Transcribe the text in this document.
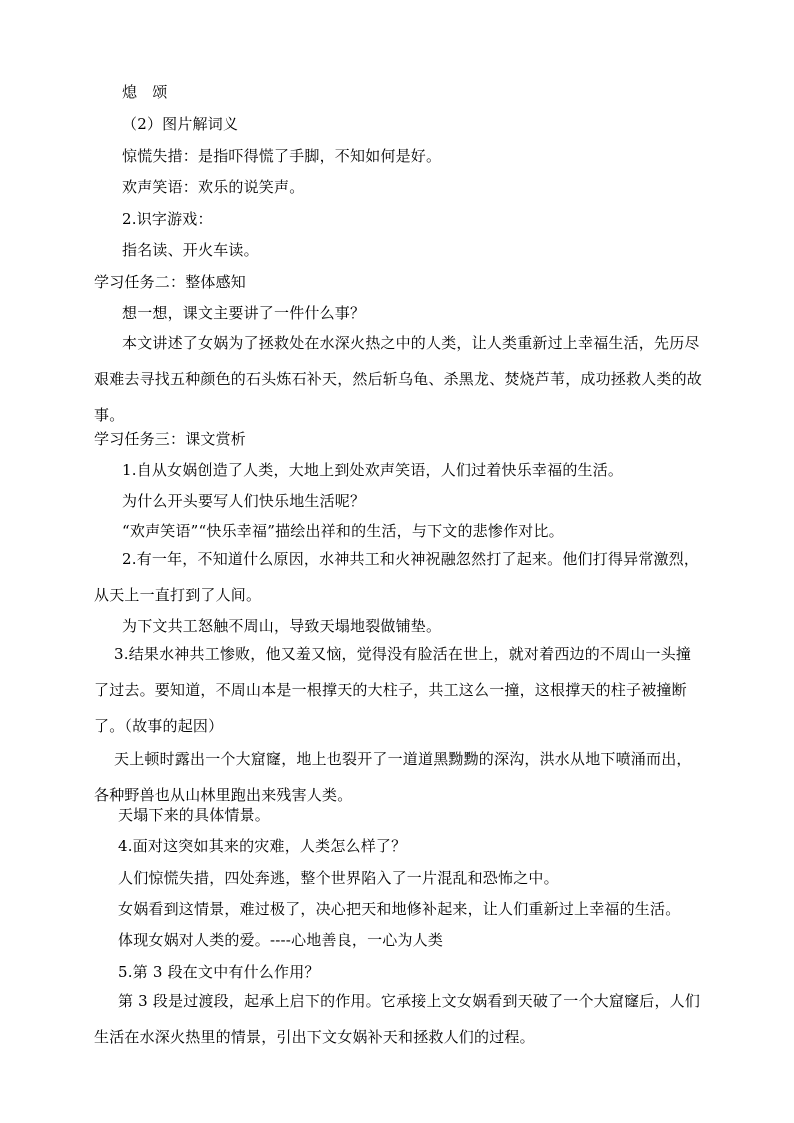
熄　颂
（2）图片解词义
惊慌失措：是指吓得慌了手脚，不知如何是好。
欢声笑语：欢乐的说笑声。
2.识字游戏：
指名读、开火车读。
学习任务二：整体感知
想一想，课文主要讲了一件什么事？
本文讲述了女娲为了拯救处在水深火热之中的人类，让人类重新过上幸福生活，先历尽艰难去寻找五种颜色的石头炼石补天，然后斩乌龟、杀黑龙、焚烧芦苇，成功拯救人类的故事。
学习任务三：课文赏析
1.自从女娲创造了人类，大地上到处欢声笑语，人们过着快乐幸福的生活。
为什么开头要写人们快乐地生活呢？
“欢声笑语”“快乐幸福”描绘出祥和的生活，与下文的悲惨作对比。
2.有一年，不知道什么原因，水神共工和火神祝融忽然打了起来。他们打得异常激烈，从天上一直打到了人间。
为下文共工怒触不周山，导致天塌地裂做铺垫。
3.结果水神共工惨败，他又羞又恼，觉得没有脸活在世上，就对着西边的不周山一头撞了过去。要知道，不周山本是一根撑天的大柱子，共工这么一撞，这根撑天的柱子被撞断了。（故事的起因）
天上顿时露出一个大窟窿，地上也裂开了一道道黑黝黝的深沟，洪水从地下喷涌而出，各种野兽也从山林里跑出来残害人类。
天塌下来的具体情景。
4.面对这突如其来的灾难，人类怎么样了？
人们惊慌失措，四处奔逃，整个世界陷入了一片混乱和恐怖之中。
女娲看到这情景，难过极了，决心把天和地修补起来，让人们重新过上幸福的生活。
体现女娲对人类的爱。----心地善良，一心为人类
5.第 3 段在文中有什么作用？
第 3 段是过渡段，起承上启下的作用。它承接上文女娲看到天破了一个大窟窿后，人们生活在水深火热里的情景，引出下文女娲补天和拯救人们的过程。
